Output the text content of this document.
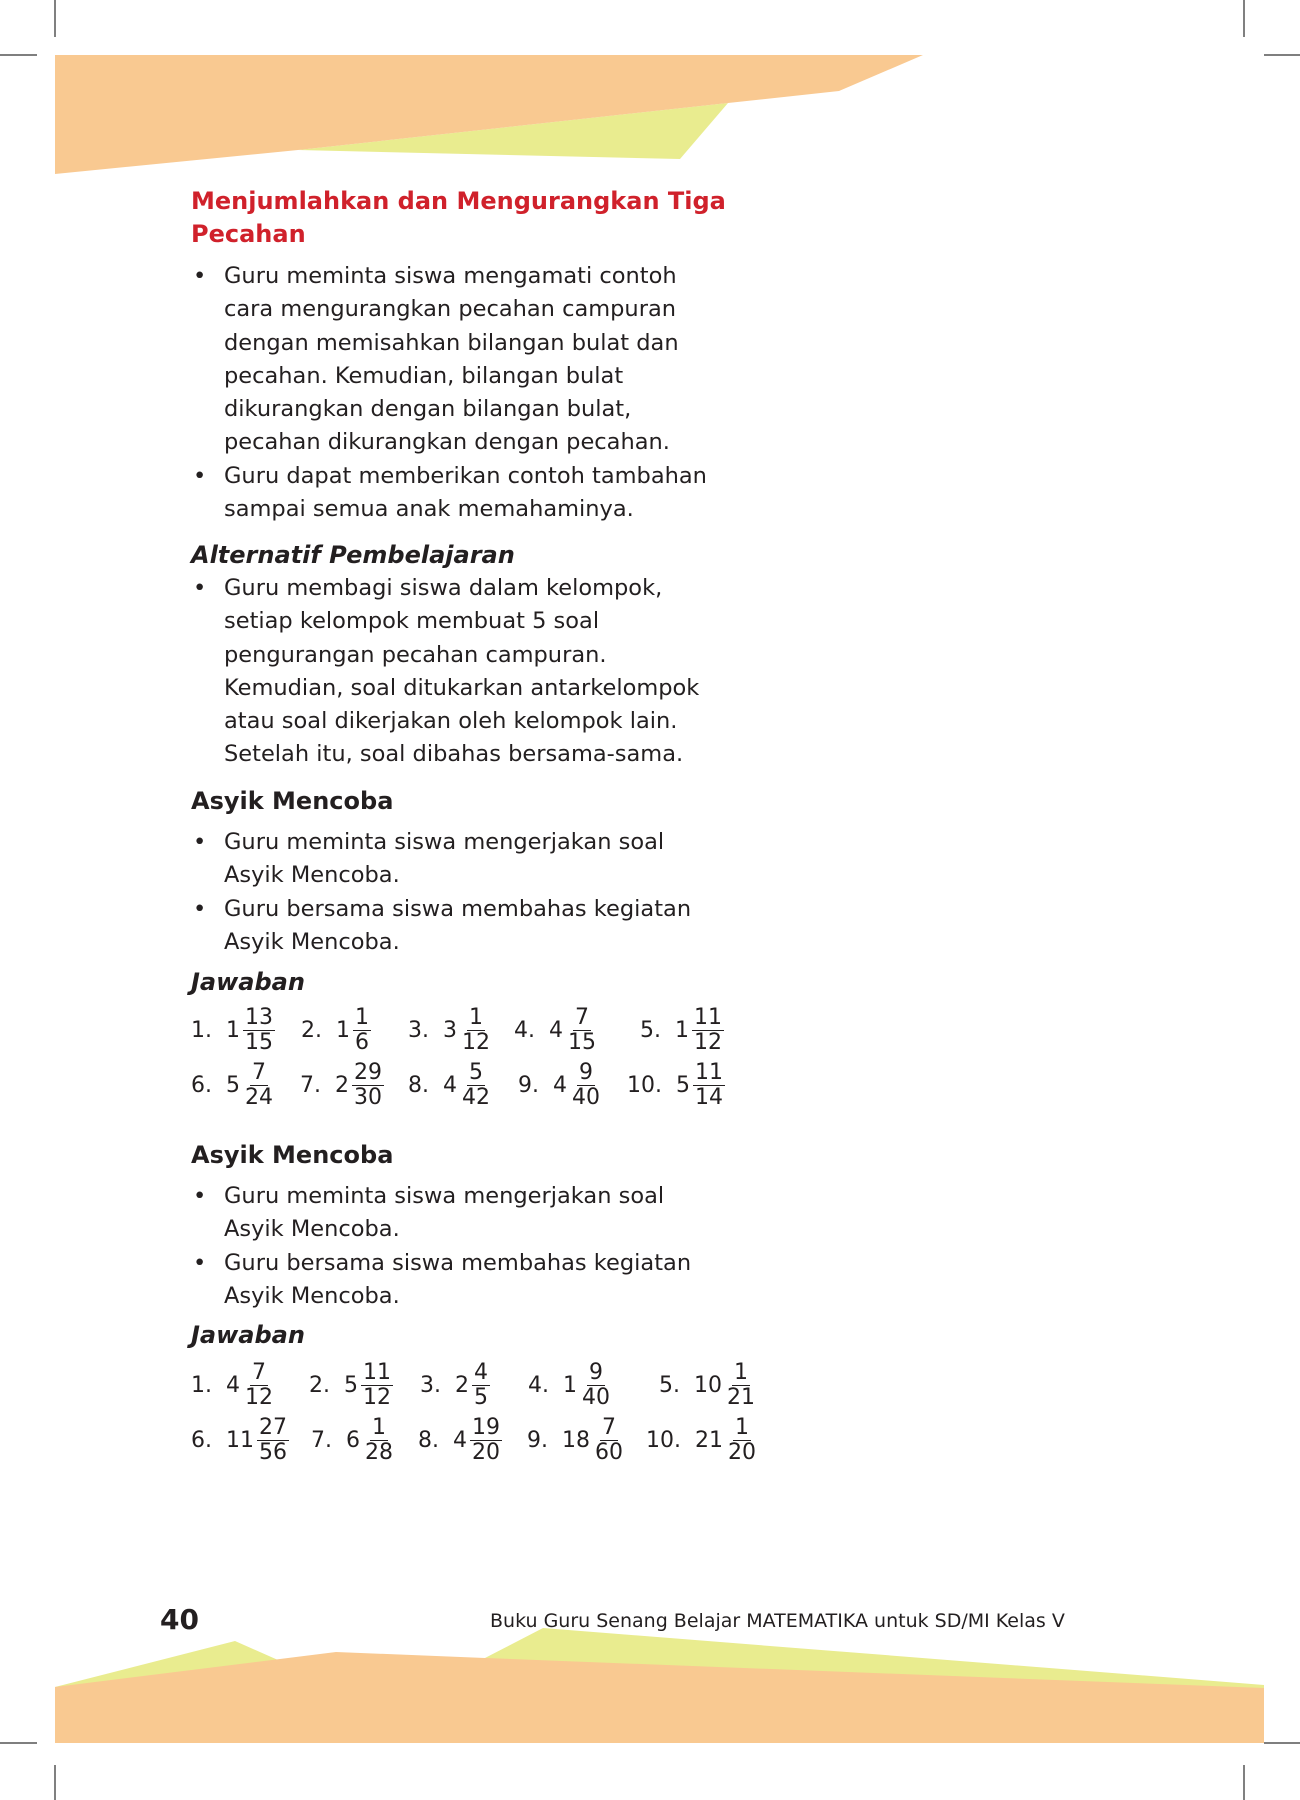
Menjumlahkan dan Mengurangkan Tiga
Pecahan
• Guru meminta siswa mengamati contoh cara mengurangkan pecahan campuran dengan memisahkan bilangan bulat dan pecahan. Kemudian, bilangan bulat dikurangkan dengan bilangan bulat, pecahan dikurangkan dengan pecahan.
• Guru dapat memberikan contoh tambahan sampai semua anak memahaminya.
Alternatif Pembelajaran
• Guru membagi siswa dalam kelompok, setiap kelompok membuat 5 soal pengurangan pecahan campuran. Kemudian, soal ditukarkan antarkelompok atau soal dikerjakan oleh kelompok lain. Setelah itu, soal dibahas bersama-sama.
Asyik Mencoba
• Guru meminta siswa mengerjakan soal Asyik Mencoba.
• Guru bersama siswa membahas kegiatan Asyik Mencoba.
Jawaban
Asyik Mencoba
• Guru meminta siswa mengerjakan soal Asyik Mencoba.
• Guru bersama siswa membahas kegiatan Asyik Mencoba.
Jawaban
1. $1 \frac{13}{15} 2$. $1 \frac{1}{6} 3$. $3 \frac{1}{12} 4$. $4 \frac{7}{15} 5$. $1 \frac{11}{12}$
6. $5 \frac{7}{24} 7$. $2 \frac{29}{30} 8$. $4 \frac{5}{42} 9$. $4 \frac{9}{40} 10$. $5 \frac{11}{14}$
1. $4 \frac{7}{12} 2$. $5 \frac{11}{12} 3$. $2 \frac{4}{5} 4$. $1 \frac{9}{40} 5$. $10 \frac{1}{21}$
6. $11 \frac{27}{56} 7$. $6 \frac{1}{28} 8$. $4 \frac{19}{20} 9$. $18 \frac{7}{60} 10$. $21 \frac{1}{20}$
40	Buku Guru Senang Belajar MATEMATIKA untuk SD/MI Kelas V
